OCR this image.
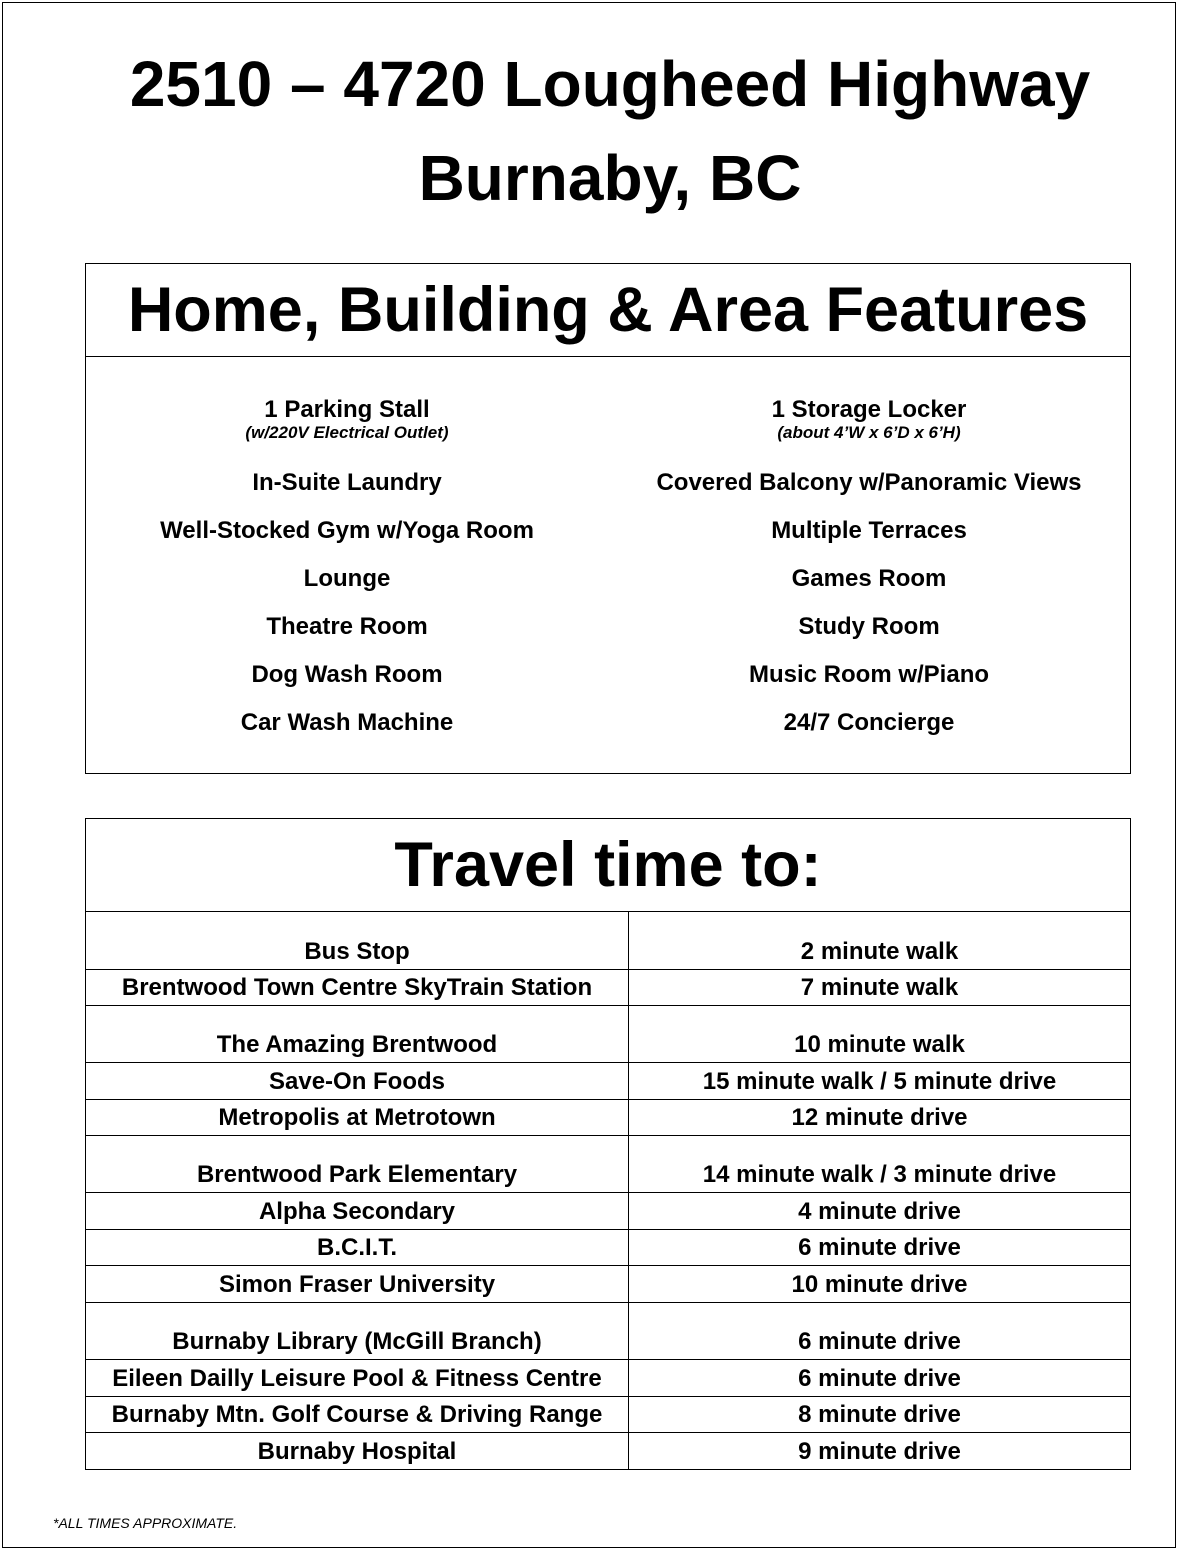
2510 – 4720 Lougheed Highway
Burnaby, BC
Home, Building & Area Features
1 Parking Stall
(w/220V Electrical Outlet)
In-Suite Laundry
Well-Stocked Gym w/Yoga Room
Lounge
Theatre Room
Dog Wash Room
Car Wash Machine
1 Storage Locker
(about 4’W x 6’D x 6’H)
Covered Balcony w/Panoramic Views
Multiple Terraces
Games Room
Study Room
Music Room w/Piano
24/7 Concierge
Travel time to:
Bus Stop	2 minute walk
Brentwood Town Centre SkyTrain Station	7 minute walk
The Amazing Brentwood	10 minute walk
Save-On Foods	15 minute walk / 5 minute drive
Metropolis at Metrotown	12 minute drive
Brentwood Park Elementary	14 minute walk / 3 minute drive
Alpha Secondary	4 minute drive
B.C.I.T.	6 minute drive
Simon Fraser University	10 minute drive
Burnaby Library (McGill Branch)	6 minute drive
Eileen Dailly Leisure Pool & Fitness Centre	6 minute drive
Burnaby Mtn. Golf Course & Driving Range	8 minute drive
Burnaby Hospital	9 minute drive
*ALL TIMES APPROXIMATE.
